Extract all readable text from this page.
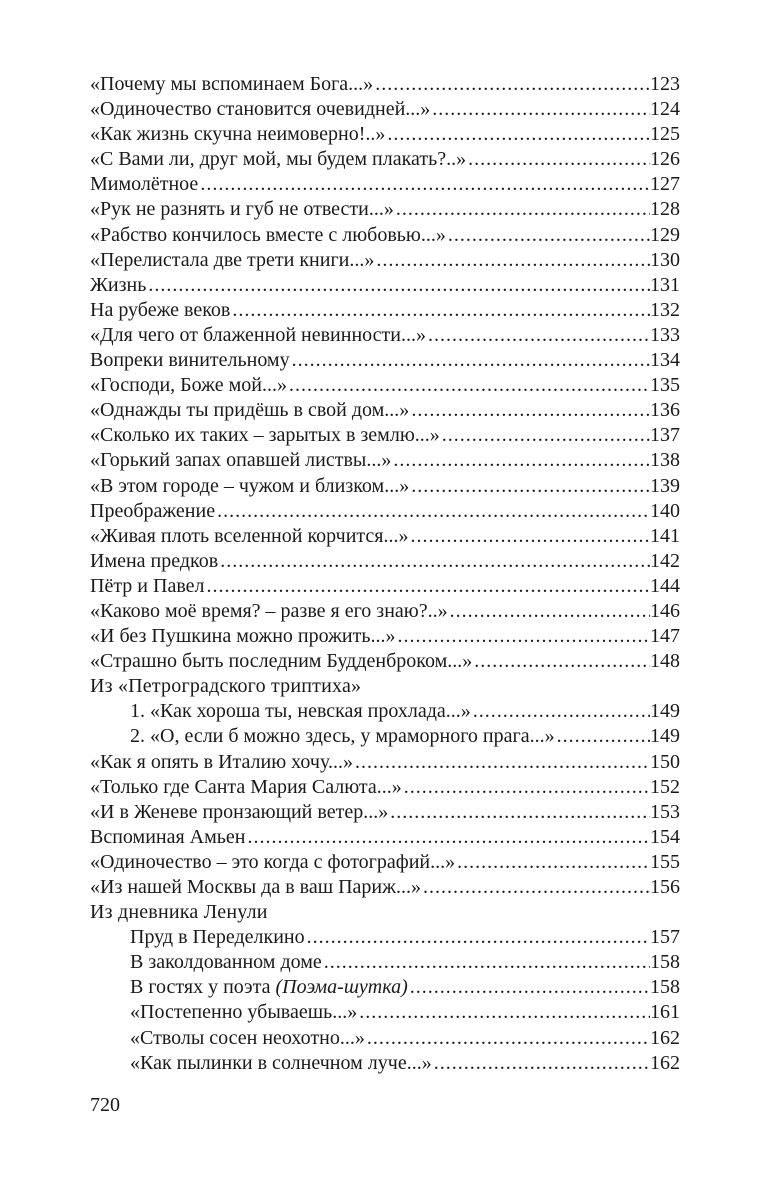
«Почему мы вспоминаем Бога...» . . .	123
«Одиночество становится очевидней...» . . .	124
«Как жизнь скучна неимоверно!..» . . .	125
«С Вами ли, друг мой, мы будем плакать?..» . . .	126
Мимолётное . . .	127
«Рук не разнять и губ не отвести...» . . .	128
«Рабство кончилось вместе с любовью...» . . .	129
«Перелистала две трети книги...» . . .	130
Жизнь . . .	131
На рубеже веков . . .	132
«Для чего от блаженной невинности...» . . .	133
Вопреки винительному . . .	134
«Господи, Боже мой...» . . .	135
«Однажды ты придёшь в свой дом...» . . .	136
«Сколько их таких – зарытых в землю...» . . .	137
«Горький запах опавшей листвы...» . . .	138
«В этом городе – чужом и близком...» . . .	139
Преображение . . .	140
«Живая плоть вселенной корчится...» . . .	141
Имена предков . . .	142
Пётр и Павел . . .	144
«Каково моё время? – разве я его знаю?..» . . .	146
«И без Пушкина можно прожить...» . . .	147
«Страшно быть последним Будденброком...» . . .	148
Из «Петроградского триптиха»
1. «Как хороша ты, невская прохлада...» . . .	149
2. «О, если б можно здесь, у мраморного прага...» . . .	149
«Как я опять в Италию хочу...» . . .	150
«Только где Санта Мария Салюта...» . . .	152
«И в Женеве пронзающий ветер...» . . .	153
Вспоминая Амьен . . .	154
«Одиночество – это когда с фотографий...» . . .	155
«Из нашей Москвы да в ваш Париж...» . . .	156
Из дневника Ленули
Пруд в Переделкино . . .	157
В заколдованном доме . . .	158
В гостях у поэта (Поэма-шутка) . . .	158
«Постепенно убываешь...» . . .	161
«Стволы сосен неохотно...» . . .	162
«Как пылинки в солнечном луче...» . . .	162
720
